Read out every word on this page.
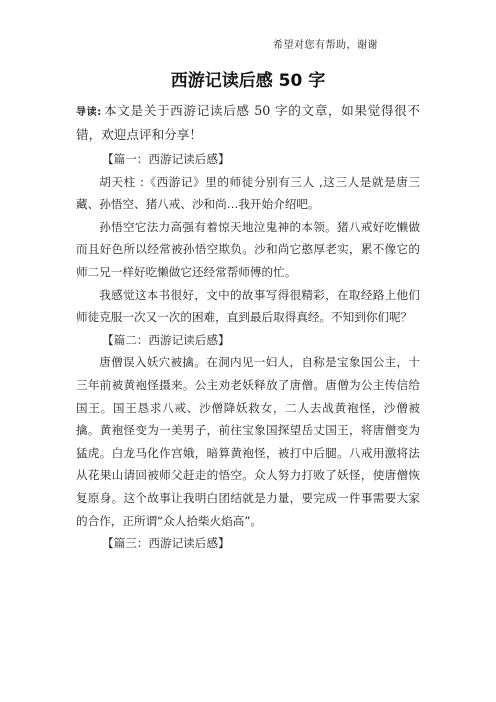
希望对您有帮助，谢谢
西游记读后感 50 字

导读: 本文是关于西游记读后感 50 字的文章，如果觉得很不错，欢迎点评和分享！

【篇一：西游记读后感】

胡天柱 :《西游记》里的师徒分别有三人 ,这三人是就是唐三藏、孙悟空、猪八戒、沙和尚…我开始介绍吧。

孙悟空它法力高强有着惊天地泣鬼神的本领。猪八戒好吃懒做而且好色所以经常被孙悟空欺负。沙和尚它憨厚老实，累不像它的师二兄一样好吃懒做它还经常帮师傅的忙。

我感觉这本书很好，文中的故事写得很精彩，在取经路上他们师徒克服一次又一次的困难，直到最后取得真经。不知到你们呢？

【篇二：西游记读后感】

唐僧误入妖穴被擒。在洞内见一妇人，自称是宝象国公主，十三年前被黄袍怪摄来。公主劝老妖释放了唐僧。唐僧为公主传信给国王。国王恳求八戒、沙僧降妖救女，二人去战黄袍怪，沙僧被擒。黄袍怪变为一美男子，前往宝象国探望岳丈国王，将唐僧变为猛虎。白龙马化作宫娥，暗算黄袍怪，被打中后腿。八戒用激将法从花果山请回被师父赶走的悟空。众人努力打败了妖怪，使唐僧恢复原身。这个故事让我明白团结就是力量，要完成一件事需要大家的合作，正所谓“众人拾柴火焰高”。

【篇三：西游记读后感】
